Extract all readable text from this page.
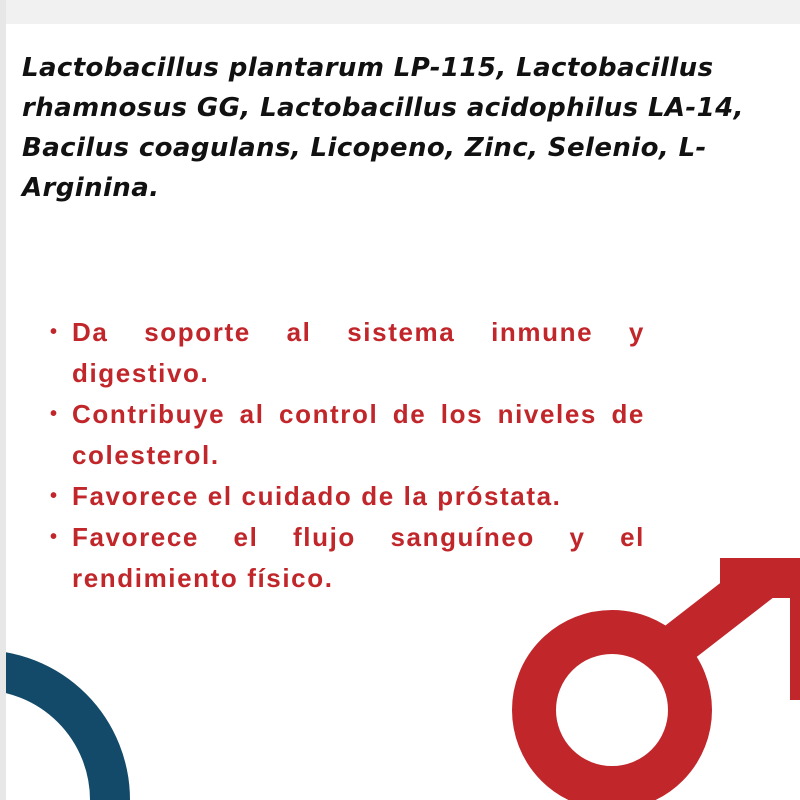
Lactobacillus plantarum LP-115, Lactobacillus rhamnosus GG, Lactobacillus acidophilus LA-14, Bacilus coagulans, Licopeno, Zinc, Selenio, L-Arginina.

• Da soporte al sistema inmune y digestivo.
• Contribuye al control de los niveles de colesterol.
• Favorece el cuidado de la próstata.
• Favorece el flujo sanguíneo y el rendimiento físico.
